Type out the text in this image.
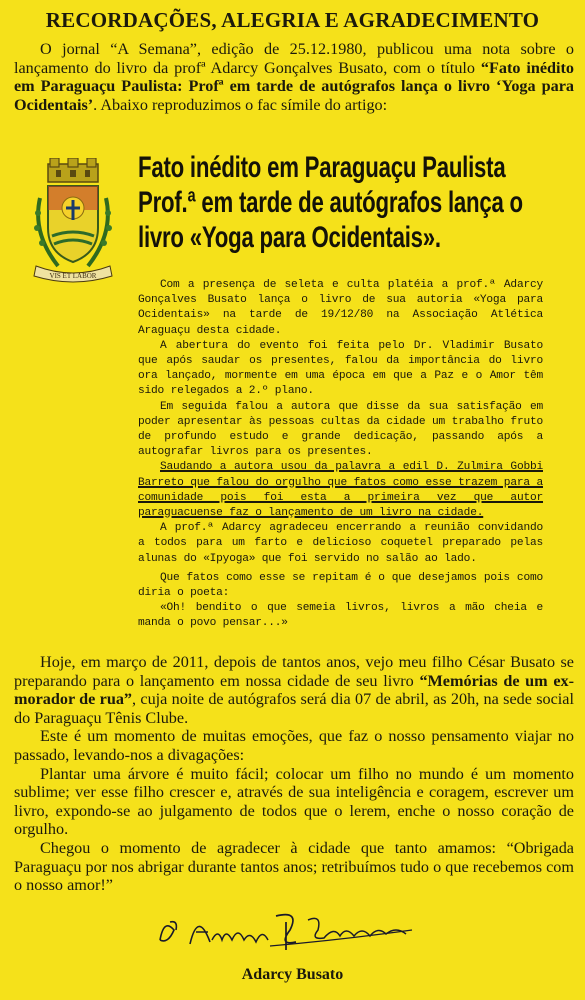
RECORDAÇÕES, ALEGRIA E AGRADECIMENTO
O jornal “A Semana”, edição de 25.12.1980, publicou uma nota sobre o lançamento do livro da profª Adarcy Gonçalves Busato, com o título “Fato inédito em Paraguaçu Paulista: Profª em tarde de autógrafos lança o livro ‘Yoga para Ocidentais’. Abaixo reproduzimos o fac símile do artigo:
VIS ET LABOR
Fato inédito em Paraguaçu Paulista Prof.ª em tarde de autógrafos lança o livro «Yoga para Ocidentais».

Com a presença de seleta e culta platéia a prof.ª Adarcy Gonçalves Busato lança o livro de sua autoria «Yoga para Ocidentais» na tarde de 19/12/80 na Associação Atlética Araguaçu desta cidade.

A abertura do evento foi feita pelo Dr. Vladimir Busato que após saudar os presentes, falou da importância do livro ora lançado, mormente em uma época em que a Paz e o Amor têm sido relegados a 2.º plano.

Em seguida falou a autora que disse da sua satisfação em poder apresentar às pessoas cultas da cidade um trabalho fruto de profundo estudo e grande dedicação, passando após a autografar livros para os presentes.

Saudando a autora usou da palavra a edil D. Zulmira Gobbi Barreto que falou do orgulho que fatos como esse trazem para a comunidade pois foi esta a primeira vez que autor paraguacuense faz o lançamento de um livro na cidade.

A prof.ª Adarcy agradeceu encerrando a reunião convidando a todos para um farto e delicioso coquetel preparado pelas alunas do «Ipyoga» que foi servido no salão ao lado.

Que fatos como esse se repitam é o que desejamos pois como diria o poeta:

«Oh! bendito o que semeia livros, livros a mão cheia e manda o povo pensar...»

Hoje, em março de 2011, depois de tantos anos, vejo meu filho César Busato se preparando para o lançamento em nossa cidade de seu livro “Memórias de um ex-morador de rua”, cuja noite de autógrafos será dia 07 de abril, as 20h, na sede social do Paraguaçu Tênis Clube.

Este é um momento de muitas emoções, que faz o nosso pensamento viajar no passado, levando-nos a divagações:

Plantar uma árvore é muito fácil; colocar um filho no mundo é um momento sublime; ver esse filho crescer e, através de sua inteligência e coragem, escrever um livro, expondo-se ao julgamento de todos que o lerem, enche o nosso coração de orgulho.

Chegou o momento de agradecer à cidade que tanto amamos: “Obrigada Paraguaçu por nos abrigar durante tantos anos; retribuímos tudo o que recebemos com o nosso amor!”

Adarcy Busato
